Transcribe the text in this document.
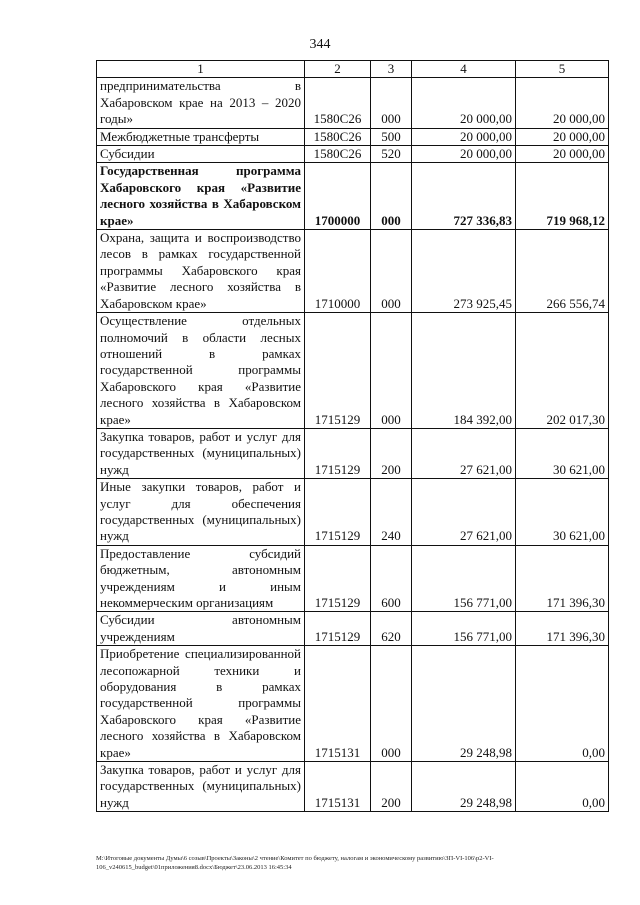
344
1	2	3	4	5
предпринимательства в Хабаровском крае на 2013 – 2020 годы»	1580С26	000	20 000,00	20 000,00
Межбюджетные трансферты	1580С26	500	20 000,00	20 000,00
Субсидии	1580С26	520	20 000,00	20 000,00
Государственная программа Хабаровского края «Развитие лесного хозяйства в Хабаровском крае»	1700000	000	727 336,83	719 968,12
Охрана, защита и воспроизводство лесов в рамках государственной программы Хабаровского края «Развитие лесного хозяйства в Хабаровском крае»	1710000	000	273 925,45	266 556,74
Осуществление отдельных полномочий в области лесных отношений в рамках государственной программы Хабаровского края «Развитие лесного хозяйства в Хабаровском крае»	1715129	000	184 392,00	202 017,30
Закупка товаров, работ и услуг для государственных (муниципальных) нужд	1715129	200	27 621,00	30 621,00
Иные закупки товаров, работ и услуг для обеспечения государственных (муниципальных) нужд	1715129	240	27 621,00	30 621,00
Предоставление субсидий бюджетным, автономным учреждениям и иным некоммерческим организациям	1715129	600	156 771,00	171 396,30
Субсидии автономным учреждениям	1715129	620	156 771,00	171 396,30
Приобретение специализированной лесопожарной техники и оборудования в рамках государственной программы Хабаровского края «Развитие лесного хозяйства в Хабаровском крае»	1715131	000	29 248,98	0,00
Закупка товаров, работ и услуг для государственных (муниципальных) нужд	1715131	200	29 248,98	0,00
М:\Итоговые документы Думы\6 созыв\Проекты\Законы\2 чтение\Комитет по бюджету, налогам и экономическому развитию\ЗП-VI-106\р2-VI-
106_v240615_budget\01приложения8.docx\Бюджет\23.06.2013 16:45:34
